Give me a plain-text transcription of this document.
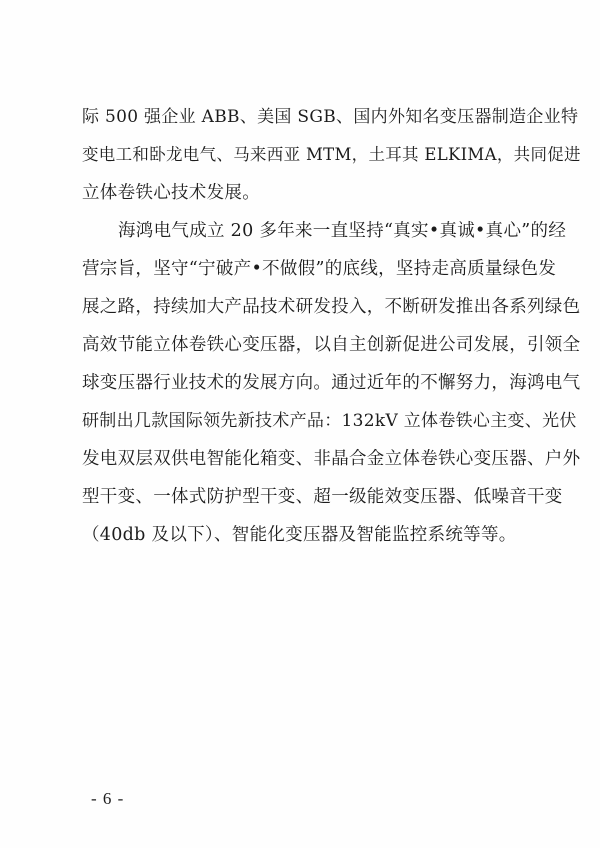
际 500 强企业 ABB、美国 SGB、国内外知名变压器制造企业特
变电工和卧龙电气、马来西亚 MTM，土耳其 ELKIMA，共同促进
立体卷铁心技术发展。
海鸿电气成立 20 多年来一直坚持“真实•真诚•真心”的经
营宗旨，坚守“宁破产•不做假”的底线，坚持走高质量绿色发
展之路，持续加大产品技术研发投入，不断研发推出各系列绿色
高效节能立体卷铁心变压器，以自主创新促进公司发展，引领全
球变压器行业技术的发展方向。通过近年的不懈努力，海鸿电气
研制出几款国际领先新技术产品：132kV 立体卷铁心主变、光伏
发电双层双供电智能化箱变、非晶合金立体卷铁心变压器、户外
型干变、一体式防护型干变、超一级能效变压器、低噪音干变
（40db 及以下）、智能化变压器及智能监控系统等等。
- 6 -
